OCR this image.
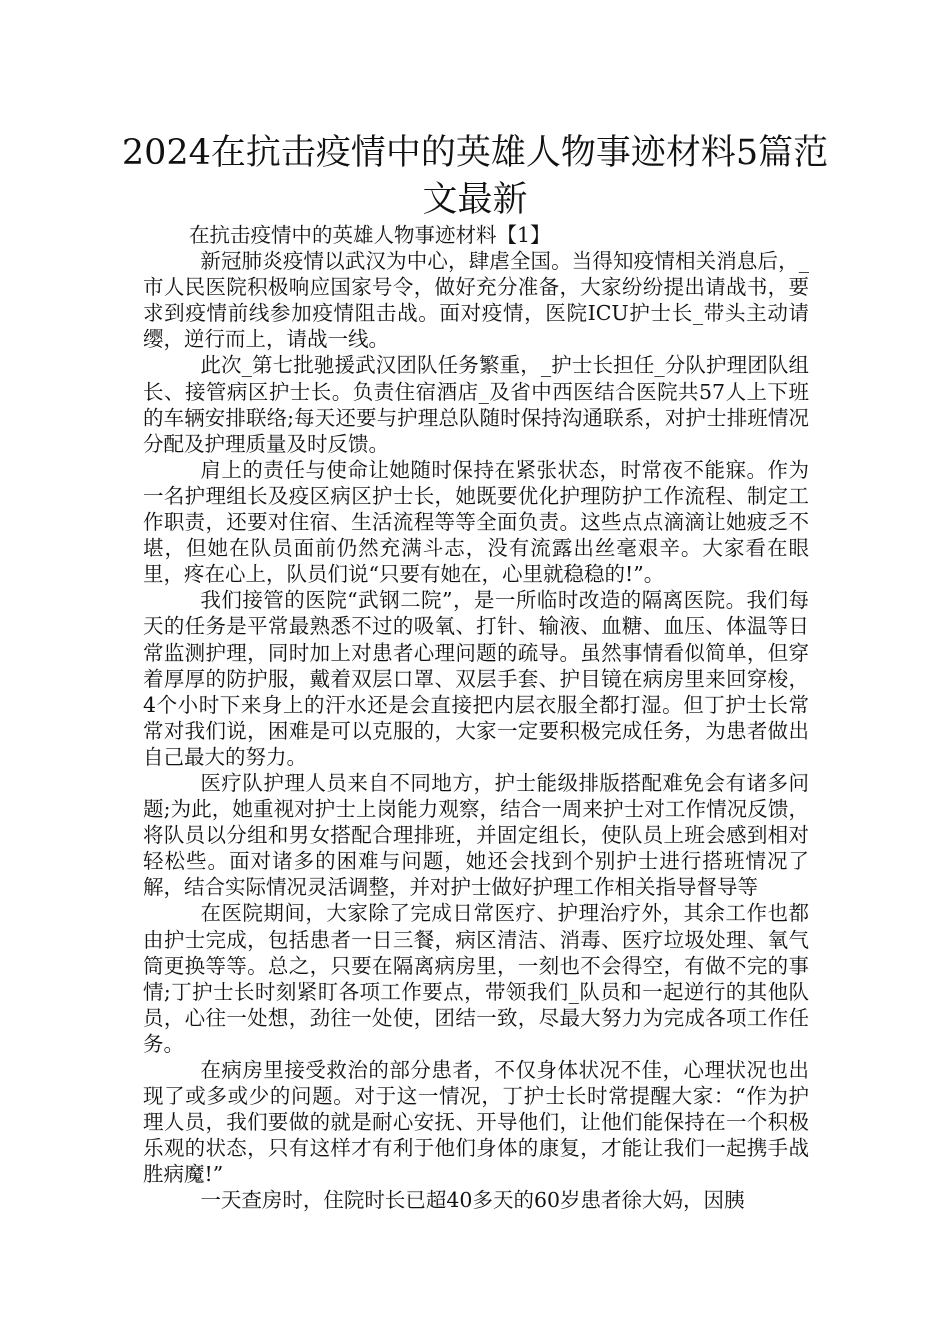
2024在抗击疫情中的英雄人物事迹材料5篇范文最新
在抗击疫情中的英雄人物事迹材料【1】

新冠肺炎疫情以武汉为中心，肆虐全国。当得知疫情相关消息后，_市人民医院积极响应国家号令，做好充分准备，大家纷纷提出请战书，要求到疫情前线参加疫情阻击战。面对疫情，医院ICU护士长_带头主动请缨，逆行而上，请战一线。

此次_第七批驰援武汉团队任务繁重，_护士长担任_分队护理团队组长、接管病区护士长。负责住宿酒店_及省中西医结合医院共57人上下班的车辆安排联络;每天还要与护理总队随时保持沟通联系，对护士排班情况分配及护理质量及时反馈。

肩上的责任与使命让她随时保持在紧张状态，时常夜不能寐。作为一名护理组长及疫区病区护士长，她既要优化护理防护工作流程、制定工作职责，还要对住宿、生活流程等等全面负责。这些点点滴滴让她疲乏不堪，但她在队员面前仍然充满斗志，没有流露出丝毫艰辛。大家看在眼里，疼在心上，队员们说“只要有她在，心里就稳稳的!”。

我们接管的医院“武钢二院”，是一所临时改造的隔离医院。我们每天的任务是平常最熟悉不过的吸氧、打针、输液、血糖、血压、体温等日常监测护理，同时加上对患者心理问题的疏导。虽然事情看似简单，但穿着厚厚的防护服，戴着双层口罩、双层手套、护目镜在病房里来回穿梭，4个小时下来身上的汗水还是会直接把内层衣服全都打湿。但丁护士长常常对我们说，困难是可以克服的，大家一定要积极完成任务，为患者做出自己最大的努力。

医疗队护理人员来自不同地方，护士能级排版搭配难免会有诸多问题;为此，她重视对护士上岗能力观察，结合一周来护士对工作情况反馈，将队员以分组和男女搭配合理排班，并固定组长，使队员上班会感到相对轻松些。面对诸多的困难与问题，她还会找到个别护士进行搭班情况了解，结合实际情况灵活调整，并对护士做好护理工作相关指导督导等

在医院期间，大家除了完成日常医疗、护理治疗外，其余工作也都由护士完成，包括患者一日三餐，病区清洁、消毒、医疗垃圾处理、氧气筒更换等等。总之，只要在隔离病房里，一刻也不会得空，有做不完的事情;丁护士长时刻紧盯各项工作要点，带领我们_队员和一起逆行的其他队员，心往一处想，劲往一处使，团结一致，尽最大努力为完成各项工作任务。

在病房里接受救治的部分患者，不仅身体状况不佳，心理状况也出现了或多或少的问题。对于这一情况，丁护士长时常提醒大家：“作为护理人员，我们要做的就是耐心安抚、开导他们，让他们能保持在一个积极乐观的状态，只有这样才有利于他们身体的康复，才能让我们一起携手战胜病魔!”

一天查房时，住院时长已超40多天的60岁患者徐大妈，因胰
